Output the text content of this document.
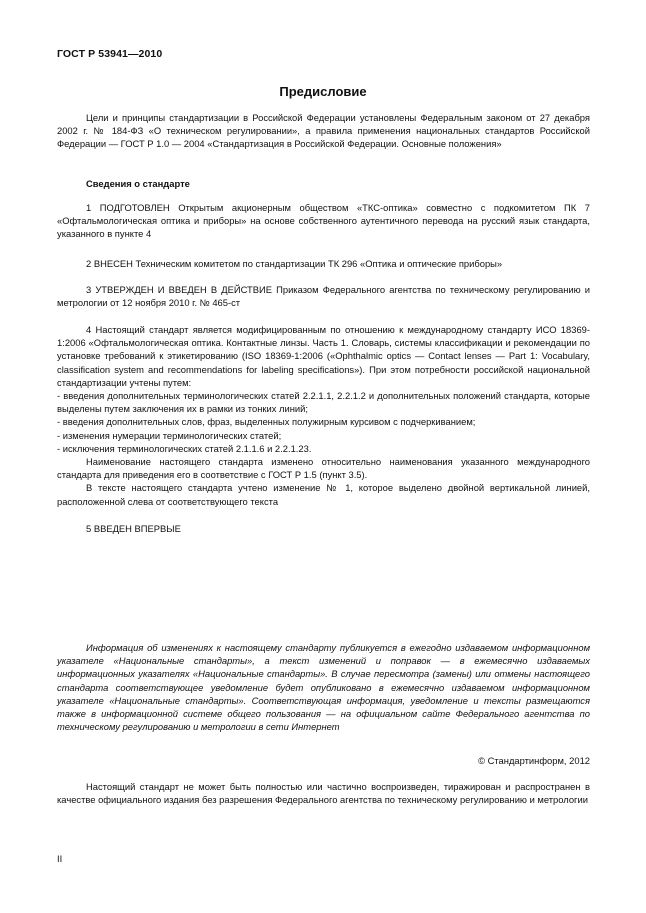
ГОСТ Р 53941—2010
Предисловие

Цели и принципы стандартизации в Российской Федерации установлены Федеральным законом от 27 декабря 2002 г. № 184-ФЗ «О техническом регулировании», а правила применения национальных стандартов Российской Федерации — ГОСТ Р 1.0 — 2004 «Стандартизация в Российской Федерации. Основные положения»

Сведения о стандарте

1 ПОДГОТОВЛЕН Открытым акционерным обществом «ТКС-оптика» совместно с подкомитетом ПК 7 «Офтальмологическая оптика и приборы» на основе собственного аутентичного перевода на русский язык стандарта, указанного в пункте 4

2 ВНЕСЕН Техническим комитетом по стандартизации ТК 296 «Оптика и оптические приборы»

3 УТВЕРЖДЕН И ВВЕДЕН В ДЕЙСТВИЕ Приказом Федерального агентства по техническому регулированию и метрологии от 12 ноября 2010 г. № 465-ст

4 Настоящий стандарт является модифицированным по отношению к международному стандарту ИСО 18369-1:2006 «Офтальмологическая оптика. Контактные линзы. Часть 1. Словарь, системы классификации и рекомендации по установке требований к этикетированию (ISO 18369-1:2006 («Ophthalmic optics — Contact lenses — Part 1: Vocabulary, classification system and recommendations for labeling specifications»). При этом потребности российской национальной стандартизации учтены путем:

- введения дополнительных терминологических статей 2.2.1.1, 2.2.1.2 и дополнительных положений стандарта, которые выделены путем заключения их в рамки из тонких линий;

- введения дополнительных слов, фраз, выделенных полужирным курсивом с подчеркиванием;

- изменения нумерации терминологических статей;

- исключения терминологических статей 2.1.1.6 и 2.2.1.23.

Наименование настоящего стандарта изменено относительно наименования указанного международного стандарта для приведения его в соответствие с ГОСТ Р 1.5 (пункт 3.5).

В тексте настоящего стандарта учтено изменение № 1, которое выделено двойной вертикальной линией, расположенной слева от соответствующего текста

5 ВВЕДЕН ВПЕРВЫЕ

Информация об изменениях к настоящему стандарту публикуется в ежегодно издаваемом информационном указателе «Национальные стандарты», а текст изменений и поправок — в ежемесячно издаваемых информационных указателях «Национальные стандарты». В случае пересмотра (замены) или отмены настоящего стандарта соответствующее уведомление будет опубликовано в ежемесячно издаваемом информационном указателе «Национальные стандарты». Соответствующая информация, уведомление и тексты размещаются также в информационной системе общего пользования — на официальном сайте Федерального агентства по техническому регулированию и метрологии в сети Интернет

© Стандартинформ, 2012

Настоящий стандарт не может быть полностью или частично воспроизведен, тиражирован и распространен в качестве официального издания без разрешения Федерального агентства по техническому регулированию и метрологии

II
